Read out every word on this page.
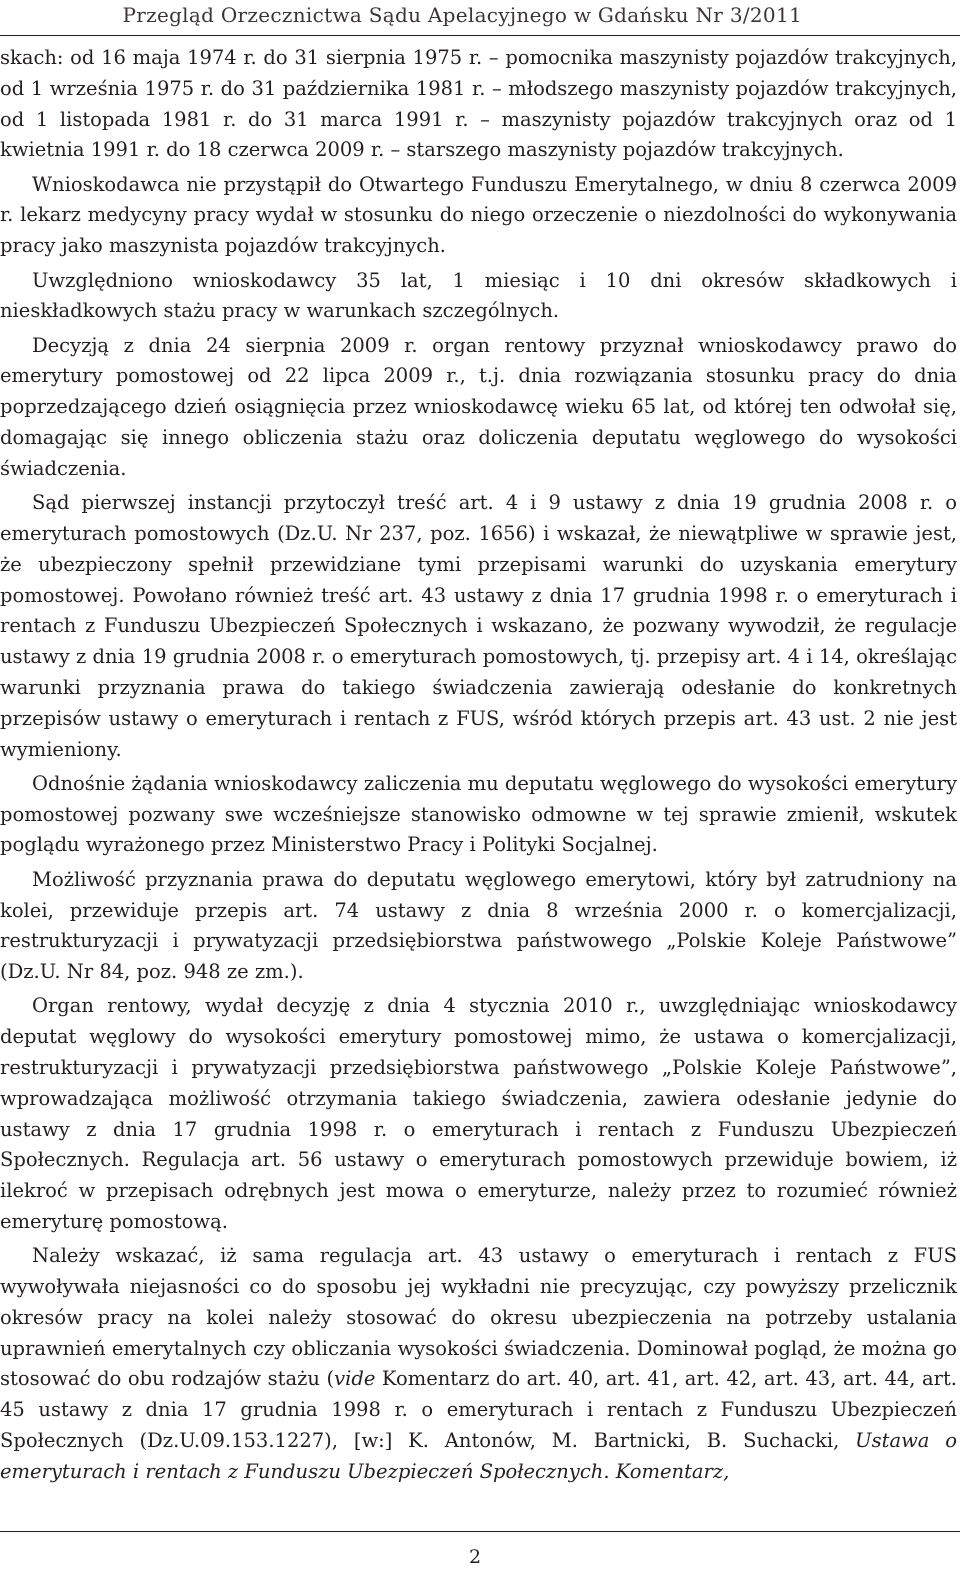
Przegląd Orzecznictwa Sądu Apelacyjnego w Gdańsku Nr 3/2011

skach: od 16 maja 1974 r. do 31 sierpnia 1975 r. – pomocnika maszynisty pojazdów trakcyjnych, od 1 września 1975 r. do 31 października 1981 r. – młodszego maszynisty pojazdów trakcyjnych, od 1 listopada 1981 r. do 31 marca 1991 r. – maszynisty pojazdów trakcyjnych oraz od 1 kwietnia 1991 r. do 18 czerwca 2009 r. – starszego maszynisty pojazdów trakcyjnych.

Wnioskodawca nie przystąpił do Otwartego Funduszu Emerytalnego, w dniu 8 czerwca 2009 r. lekarz medycyny pracy wydał w stosunku do niego orzeczenie o niezdolności do wykonywania pracy jako maszynista pojazdów trakcyjnych.

Uwzględniono wnioskodawcy 35 lat, 1 miesiąc i 10 dni okresów składkowych i nieskładkowych stażu pracy w warunkach szczególnych.

Decyzją z dnia 24 sierpnia 2009 r. organ rentowy przyznał wnioskodawcy prawo do emerytury pomostowej od 22 lipca 2009 r., t.j. dnia rozwiązania stosunku pracy do dnia poprzedzającego dzień osiągnięcia przez wnioskodawcę wieku 65 lat, od której ten odwołał się, domagając się innego obliczenia stażu oraz doliczenia deputatu węglowego do wysokości świadczenia.

Sąd pierwszej instancji przytoczył treść art. 4 i 9 ustawy z dnia 19 grudnia 2008 r. o emeryturach pomostowych (Dz.U. Nr 237, poz. 1656) i wskazał, że niewątpliwe w sprawie jest, że ubezpieczony spełnił przewidziane tymi przepisami warunki do uzyskania emerytury pomostowej. Powołano również treść art. 43 ustawy z dnia 17 grudnia 1998 r. o emeryturach i rentach z Funduszu Ubezpieczeń Społecznych i wskazano, że pozwany wywodził, że regulacje ustawy z dnia 19 grudnia 2008 r. o emeryturach pomostowych, tj. przepisy art. 4 i 14, określając warunki przyznania prawa do takiego świadczenia zawierają odesłanie do konkretnych przepisów ustawy o emeryturach i rentach z FUS, wśród których przepis art. 43 ust. 2 nie jest wymieniony.

Odnośnie żądania wnioskodawcy zaliczenia mu deputatu węglowego do wysokości emerytury pomostowej pozwany swe wcześniejsze stanowisko odmowne w tej sprawie zmienił, wskutek poglądu wyrażonego przez Ministerstwo Pracy i Polityki Socjalnej.

Możliwość przyznania prawa do deputatu węglowego emerytowi, który był zatrudniony na kolei, przewiduje przepis art. 74 ustawy z dnia 8 września 2000 r. o komercjalizacji, restrukturyzacji i prywatyzacji przedsiębiorstwa państwowego „Polskie Koleje Państwowe” (Dz.U. Nr 84, poz. 948 ze zm.).

Organ rentowy, wydał decyzję z dnia 4 stycznia 2010 r., uwzględniając wnioskodawcy deputat węglowy do wysokości emerytury pomostowej mimo, że ustawa o komercjalizacji, restrukturyzacji i prywatyzacji przedsiębiorstwa państwowego „Polskie Koleje Państwowe”, wprowadzająca możliwość otrzymania takiego świadczenia, zawiera odesłanie jedynie do ustawy z dnia 17 grudnia 1998 r. o emeryturach i rentach z Funduszu Ubezpieczeń Społecznych. Regulacja art. 56 ustawy o emeryturach pomostowych przewiduje bowiem, iż ilekroć w przepisach odrębnych jest mowa o emeryturze, należy przez to rozumieć również emeryturę pomostową.

Należy wskazać, iż sama regulacja art. 43 ustawy o emeryturach i rentach z FUS wywoływała niejasności co do sposobu jej wykładni nie precyzując, czy powyższy przelicznik okresów pracy na kolei należy stosować do okresu ubezpieczenia na potrzeby ustalania uprawnień emerytalnych czy obliczania wysokości świadczenia. Dominował pogląd, że można go stosować do obu rodzajów stażu (vide Komentarz do art. 40, art. 41, art. 42, art. 43, art. 44, art. 45 ustawy z dnia 17 grudnia 1998 r. o emeryturach i rentach z Funduszu Ubezpieczeń Społecznych (Dz.U.09.153.1227), [w:] K. Antonów, M. Bartnicki, B. Suchacki, Ustawa o emeryturach i rentach z Funduszu Ubezpieczeń Społecznych. Komentarz,

2
